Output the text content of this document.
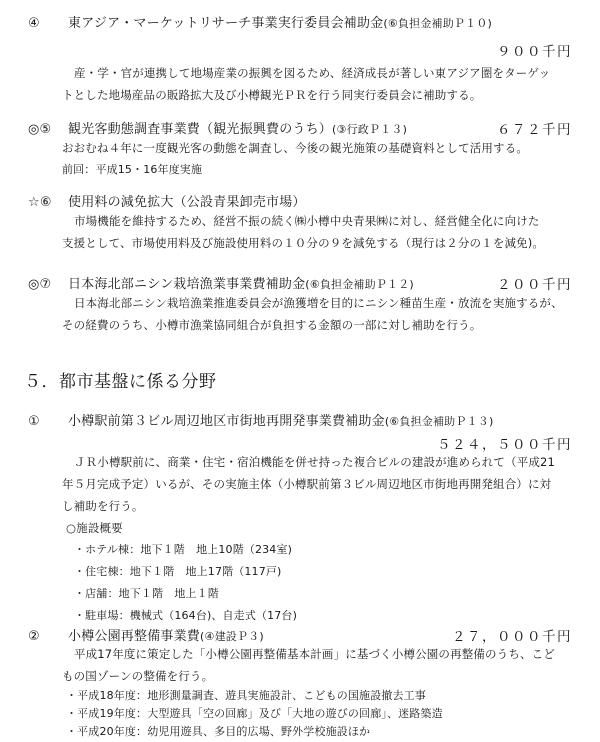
④ 東アジア・マーケットリサーチ事業実行委員会補助金(⑥負担金補助Ｐ１０)
９００千円

産・学・官が連携して地場産業の振興を図るため、経済成長が著しい東アジア圏をターゲッ

トとした地場産品の販路拡大及び小樽観光ＰＲを行う同実行委員会に補助する。

◎⑤ 観光客動態調査事業費（観光振興費のうち）(③行政Ｐ１３)	６７２千円

おおむね４年に一度観光客の動態を調査し、今後の観光施策の基礎資料として活用する。

前回：平成15・16年度実施

☆⑥ 使用料の減免拡大（公設青果卸売市場）

市場機能を維持するため、経営不振の続く㈱小樽中央青果㈱に対し、経営健全化に向けた

支援として、市場使用料及び施設使用料の１０分の９を減免する（現行は２分の１を減免)。

◎⑦ 日本海北部ニシン栽培漁業事業費補助金(⑥負担金補助Ｐ１２)	２００千円

日本海北部ニシン栽培漁業推進委員会が漁獲増を目的にニシン種苗生産・放流を実施するが、

その経費のうち、小樽市漁業協同組合が負担する金額の一部に対し補助を行う。

５．都市基盤に係る分野
① 小樽駅前第３ビル周辺地区市街地再開発事業費補助金(⑥負担金補助Ｐ１３)
５２４，５００千円

ＪＲ小樽駅前に、商業・住宅・宿泊機能を併せ持った複合ビルの建設が進められて（平成21

年５月完成予定）いるが、その実施主体（小樽駅前第３ビル周辺地区市街地再開発組合）に対

し補助を行う。

○施設概要

・ホテル棟：地下１階　地上10階（234室)
・住宅棟：地下１階　地上17階（117戸)
・店舗：地下１階　地上１階
・駐車場：機械式（164台)、自走式（17台)
② 小樽公園再整備事業費(④建設Ｐ３)	２７，０００千円

平成17年度に策定した「小樽公園再整備基本計画」に基づく小樽公園の再整備のうち、こど

もの国ゾーンの整備を行う。

・平成18年度：地形測量調査、遊具実施設計、こどもの国施設撤去工事
・平成19年度：大型遊具「空の回廊」及び「大地の遊びの回廊」、迷路築造
・平成20年度：幼児用遊具、多目的広場、野外学校施設ほか
